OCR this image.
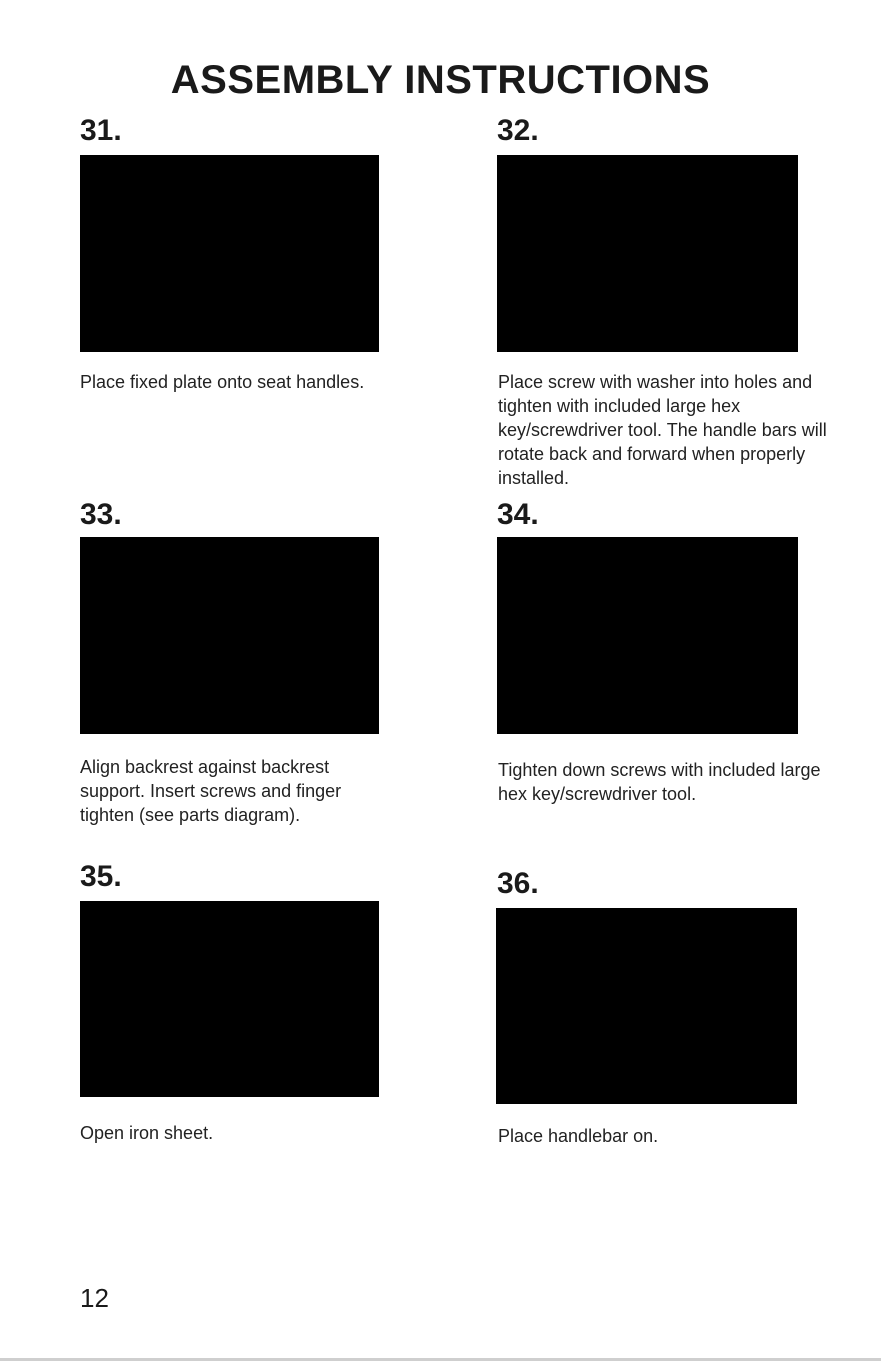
ASSEMBLY INSTRUCTIONS
31.
Place fixed plate onto seat handles.
32.
Place screw with washer into holes and tighten with included large hex key/screwdriver tool. The handle bars will rotate back and forward when properly installed.
33.
Align backrest against backrest support. Insert screws and finger tighten (see parts diagram).
34.
Tighten down screws with included large hex key/screwdriver tool.
35.
Open iron sheet.
36.
Place handlebar on.
12
